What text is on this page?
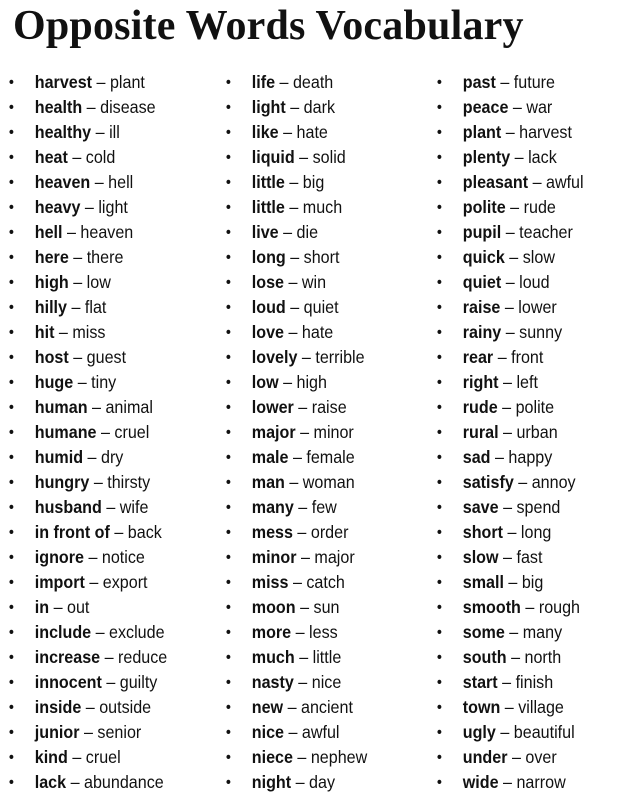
Opposite Words Vocabulary
• harvest – plant
• health – disease
• healthy – ill
• heat – cold
• heaven – hell
• heavy – light
• hell – heaven
• here – there
• high – low
• hilly – flat
• hit – miss
• host – guest
• huge – tiny
• human – animal
• humane – cruel
• humid – dry
• hungry – thirsty
• husband – wife
• in front of – back
• ignore – notice
• import – export
• in – out
• include – exclude
• increase – reduce
• innocent – guilty
• inside – outside
• junior – senior
• kind – cruel
• lack – abundance
• life – death
• light – dark
• like – hate
• liquid – solid
• little – big
• little – much
• live – die
• long – short
• lose – win
• loud – quiet
• love – hate
• lovely – terrible
• low – high
• lower – raise
• major – minor
• male – female
• man – woman
• many – few
• mess – order
• minor – major
• miss – catch
• moon – sun
• more – less
• much – little
• nasty – nice
• new – ancient
• nice – awful
• niece – nephew
• night – day
• past – future
• peace – war
• plant – harvest
• plenty – lack
• pleasant – awful
• polite – rude
• pupil – teacher
• quick – slow
• quiet – loud
• raise – lower
• rainy – sunny
• rear – front
• right – left
• rude – polite
• rural – urban
• sad – happy
• satisfy – annoy
• save – spend
• short – long
• slow – fast
• small – big
• smooth – rough
• some – many
• south – north
• start – finish
• town – village
• ugly – beautiful
• under – over
• wide – narrow
